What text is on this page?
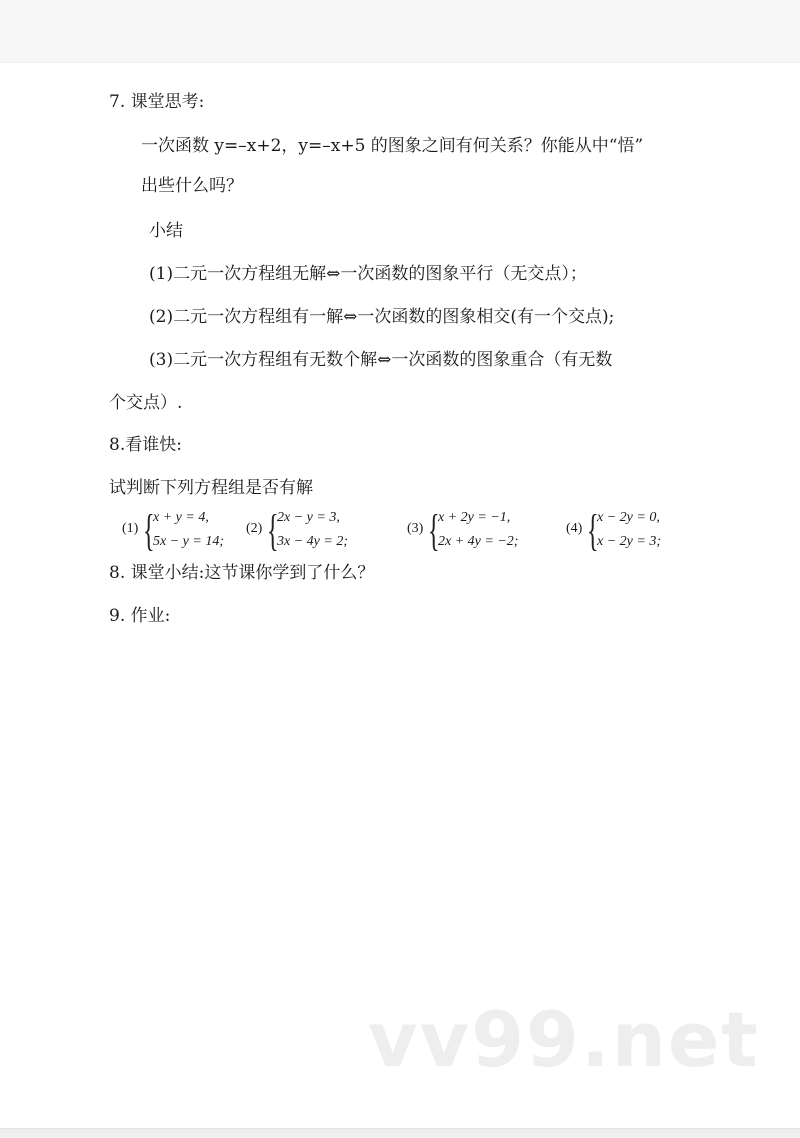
7. 课堂思考:
一次函数 y=–x+2，y=–x+5 的图象之间有何关系？你能从中“悟”
出些什么吗？
小结
(1)二元一次方程组无解⇔一次函数的图象平行（无交点）；
(2)二元一次方程组有一解⇔一次函数的图象相交(有一个交点);
(3)二元一次方程组有无数个解⇔一次函数的图象重合（有无数
个交点）.
8.看谁快:
试判断下列方程组是否有解
(1) {
x + y = 4,
5x − y = 14;
(2) {
2x − y = 3,
3x − 4y = 2;
(3) {
x + 2y = −1,
2x + 4y = −2;
(4) {
x − 2y = 0,
x − 2y = 3;
8. 课堂小结:这节课你学到了什么？
9. 作业:
vv99.net
